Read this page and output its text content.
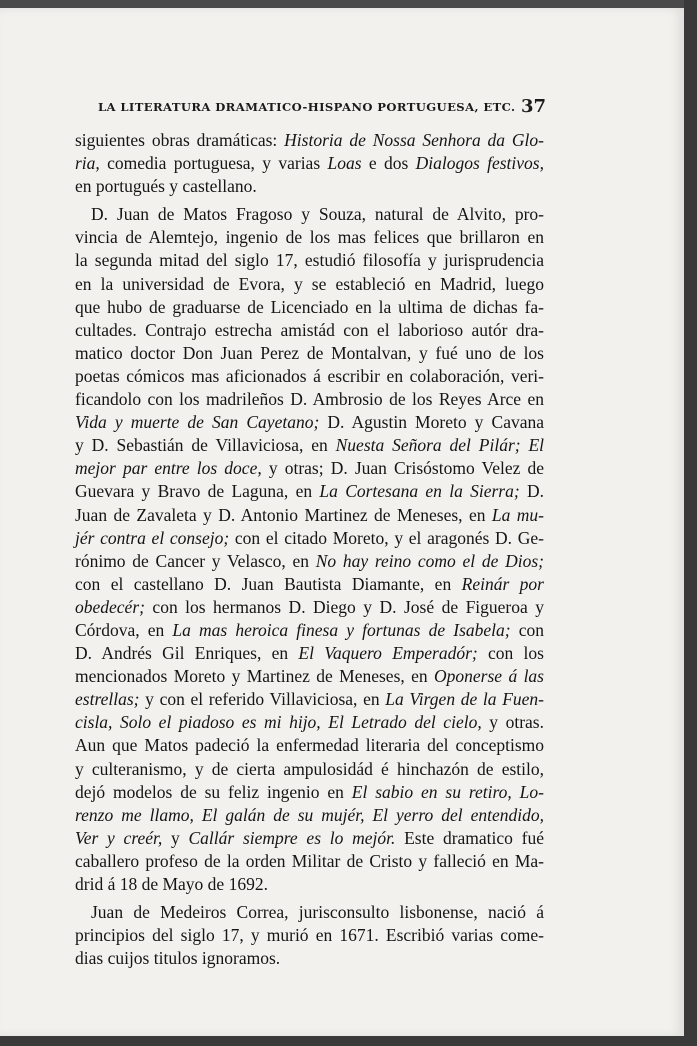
LA LITERATURA DRAMATICO-HISPANO PORTUGUESA, ETC. 37
siguientes obras dramáticas: Historia de Nossa Senhora da Glo-
ria, comedia portuguesa, y varias Loas e dos Dialogos festivos,
en portugués y castellano.
D. Juan de Matos Fragoso y Souza, natural de Alvito, pro-
vincia de Alemtejo, ingenio de los mas felices que brillaron en
la segunda mitad del siglo 17, estudió filosofía y jurisprudencia
en la universidad de Evora, y se estableció en Madrid, luego
que hubo de graduarse de Licenciado en la ultima de dichas fa-
cultades. Contrajo estrecha amistád con el laborioso autór dra-
matico doctor Don Juan Perez de Montalvan, y fué uno de los
poetas cómicos mas aficionados á escribir en colaboración, veri-
ficandolo con los madrileños D. Ambrosio de los Reyes Arce en
Vida y muerte de San Cayetano; D. Agustin Moreto y Cavana
y D. Sebastián de Villaviciosa, en Nuesta Señora del Pilár; El
mejor par entre los doce, y otras; D. Juan Crisóstomo Velez de
Guevara y Bravo de Laguna, en La Cortesana en la Sierra; D.
Juan de Zavaleta y D. Antonio Martinez de Meneses, en La mu-
jér contra el consejo; con el citado Moreto, y el aragonés D. Ge-
rónimo de Cancer y Velasco, en No hay reino como el de Dios;
con el castellano D. Juan Bautista Diamante, en Reinár por
obedecér; con los hermanos D. Diego y D. José de Figueroa y
Córdova, en La mas heroica finesa y fortunas de Isabela; con
D. Andrés Gil Enriques, en El Vaquero Emperadór; con los
mencionados Moreto y Martinez de Meneses, en Oponerse á las
estrellas; y con el referido Villaviciosa, en La Virgen de la Fuen-
cisla, Solo el piadoso es mi hijo, El Letrado del cielo, y otras.
Aun que Matos padeció la enfermedad literaria del conceptismo
y culteranismo, y de cierta ampulosidád é hinchazón de estilo,
dejó modelos de su feliz ingenio en El sabio en su retiro, Lo-
renzo me llamo, El galán de su mujér, El yerro del entendido,
Ver y creér, y Callár siempre es lo mejór. Este dramatico fué
caballero profeso de la orden Militar de Cristo y falleció en Ma-
drid á 18 de Mayo de 1692.
Juan de Medeiros Correa, jurisconsulto lisbonense, nació á
principios del siglo 17, y murió en 1671. Escribió varias come-
dias cuijos titulos ignoramos.
